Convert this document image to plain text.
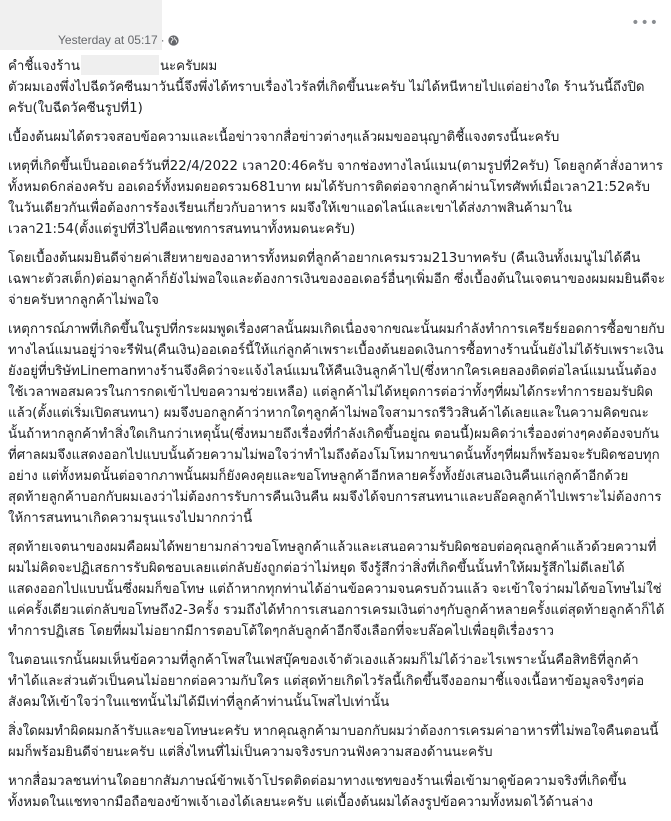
Yesterday at 05:17 ·
•••

คำชี้แจงร้าน	นะครับผม
ตัวผมเองพึ่งไปฉีดวัคซีนมาวันนี้จึงพึ่งได้ทราบเรื่องไวรัลที่เกิดขึ้นนะครับ ไม่ได้หนีหายไปแต่อย่างใด ร้านวันนี้ถึงปิดครับ(ใบฉีดวัคซีนรูปที่1)

เบื้องต้นผมได้ตรวจสอบข้อความและเนื้อข่าวจากสื่อข่าวต่างๆแล้วผมขออนุญาติชี้แจงตรงนี้นะครับ

เหตุที่เกิดขึ้นเป็นออเดอร์วันที่22/4/2022 เวลา20:46ครับ จากช่องทางไลน์แมน(ตามรูปที่2ครับ) โดยลูกค้าสั่งอาหารทั้งหมด6กล่องครับ ออเดอร์ทั้งหมดยอดรวม681บาท ผมได้รับการติดต่อจากลูกค้าผ่านโทรศัพท์เมื่อเวลา21:52ครับในวันเดียวกันเพื่อต้องการร้องเรียนเกี่ยวกับอาหาร ผมจึงให้เขาแอดไลน์และเขาได้ส่งภาพสินค้ามาในเวลา21:54(ตั้งแต่รูปที่3ไปคือแชทการสนทนาทั้งหมดนะครับ)

โดยเบื้องต้นผมยินดีจ่ายค่าเสียหายของอาหารทั้งหมดที่ลูกค้าอยากเครมรวม213บาทครับ (คืนเงินทั้งเมนูไม่ได้คืนเฉพาะตัวสเต็ก)ต่อมาลูกค้าก็ยังไม่พอใจและต้องการเงินของออเดอร์อื่นๆเพิ่มอีก ซึ่งเบื้องต้นในเจตนาของผมผมยินดีจะจ่ายครับหากลูกค้าไม่พอใจ

เหตุการณ์ภาพที่เกิดขึ้นในรูปที่กระผมพูดเรื่องศาลนั้นผมเกิดเนื่องจากขณะนั้นผมกำลังทำการเครียร์ยอดการซื้อขายกับทางไลน์แมนอยู่ว่าจะรีฟัน(คืนเงิน)ออเดอร์นี้ให้แก่ลูกค้าเพราะเบื้องต้นยอดเงินการซื้อทางร้านนั้นยังไม่ได้รับเพราะเงินยังอยู่ที่บริษัทLinemanทางร้านจึงคิดว่าจะแจ้งไลน์แมนให้คืนเงินลูกค้าไป(ซึ่งหากใครเคยลองติดต่อไลน์แมนนั้นต้องใช้เวลาพอสมควรในการกดเข้าไปขอความช่วยเหลือ) แต่ลูกค้าไม่ได้หยุดการต่อว่าทั้งๆที่ผมได้กระทำการยอมรับผิดแล้ว(ตั้งแต่เริ่มเปิดสนทนา) ผมจึงบอกลูกค้าว่าหากใดๆลูกค้าไม่พอใจสามารถรีวิวสินค้าได้เลยและในความคิดขณะนั้นถ้าหากลูกค้าทำสิ่งใดเกินกว่าเหตุนั้น(ซึ่งหมายถึงเรื่องที่กำลังเกิดขึ้นอยู่ณ ตอนนี้)ผมคิดว่าเรื่อองต่างๆคงต้องจบกันที่ศาลผมจึงแสดงออกไปแบบนั้นด้วยความไม่พอใจว่าทำไมถึงต้องโมโหมากขนาดนั้นทั้งๆที่ผมก็พร้อมจะรับผิดชอบทุกอย่าง แต่ทั้งหมดนั้นต่อจากภาพนั้นผมก็ยังคงคุยและขอโทษลูกค้าอีกหลายครั้งทั้งยังเสนอเงินคืนแก่ลูกค้าอีกด้วย สุดท้ายลูกค้าบอกกับผมเองว่าไม่ต้องการรับการคืนเงินคืน ผมจึงได้จบการสนทนาและบล๊อคลูกค้าไปเพราะไม่ต้องการให้การสนทนาเกิดความรุนแรงไปมากกว่านี้

สุดท้ายเจตนาของผมคือผมได้พยายามกล่าวขอโทษลูกค้าแล้วและเสนอความรับผิดชอบต่อคุณลูกค้าแล้วด้วยความที่ผมไม่คิดจะปฏิเสธการรับผิดชอบเลยแต่กลับยังถูกต่อว่าไม่หยุด จึงรู้สึกว่าสิ่งที่เกิดขึ้นนั้นทำให้ผมรู้สึกไม่ดีเลยได้แสดงออกไปแบบนั้นซึ่งผมก็ขอโทษ แต่ถ้าหากทุกท่านได้อ่านข้อความจนครบถ้วนแล้ว จะเข้าใจว่าผมได้ขอโทษไม่ใช่แค่ครั้งเดียวแต่กลับขอโทษถึง2-3ครั้ง รวมถึงได้ทำการเสนอการเครมเงินต่างๆกับลูกค้าหลายครั้งแต่สุดท้ายลูกค้าก็ได้ทำการปฏิเสธ โดยที่ผมไม่อยากมีการตอบโต้ใดๆกลับลูกค้าอีกจึงเลือกที่จะบล๊อคไปเพื่อยุติเรื่องราว

ในตอนแรกนั้นผมเห็นข้อความที่ลูกค้าโพสในเฟสบุ๊คของเจ้าตัวเองแล้วผมก็ไม่ได้ว่าอะไรเพราะนั้นคือสิทธิที่ลูกค้าทำได้และส่วนตัวเป็นคนไม่อยากต่อความกับใคร แต่สุดท้ายเกิดไวรัลนี้เกิดขึ้นจึงออกมาชี้แจงเนื้อหาข้อมูลจริงๆต่อสังคมให้เข้าใจว่าในแชทนั้นไม่ได้มีเท่าที่ลูกค้าท่านนั้นโพสไปเท่านั้น

สิ่งใดผมทำผิดผมกล้ารับและขอโทษนะครับ หากคุณลูกค้ามาบอกกับผมว่าต้องการเครมค่าอาหารที่ไม่พอใจคืนตอนนี้ผมก็พร้อมยินดีจ่ายนะครับ แต่สิ่งไหนที่ไม่เป็นความจริงรบกวนฟังความสองด้านนะครับ

หากสื่อมวลชนท่านใดอยากสัมภาษณ์ข้าพเจ้าโปรดติดต่อมาทางแชทของร้านเพื่อเข้ามาดูข้อความจริงที่เกิดขึ้นทั้งหมดในแชทจากมือถือของข้าพเจ้าเองได้เลยนะครับ แต่เบื้องต้นผมได้ลงรูปข้อความทั้งหมดไว้ด้านล่าง
